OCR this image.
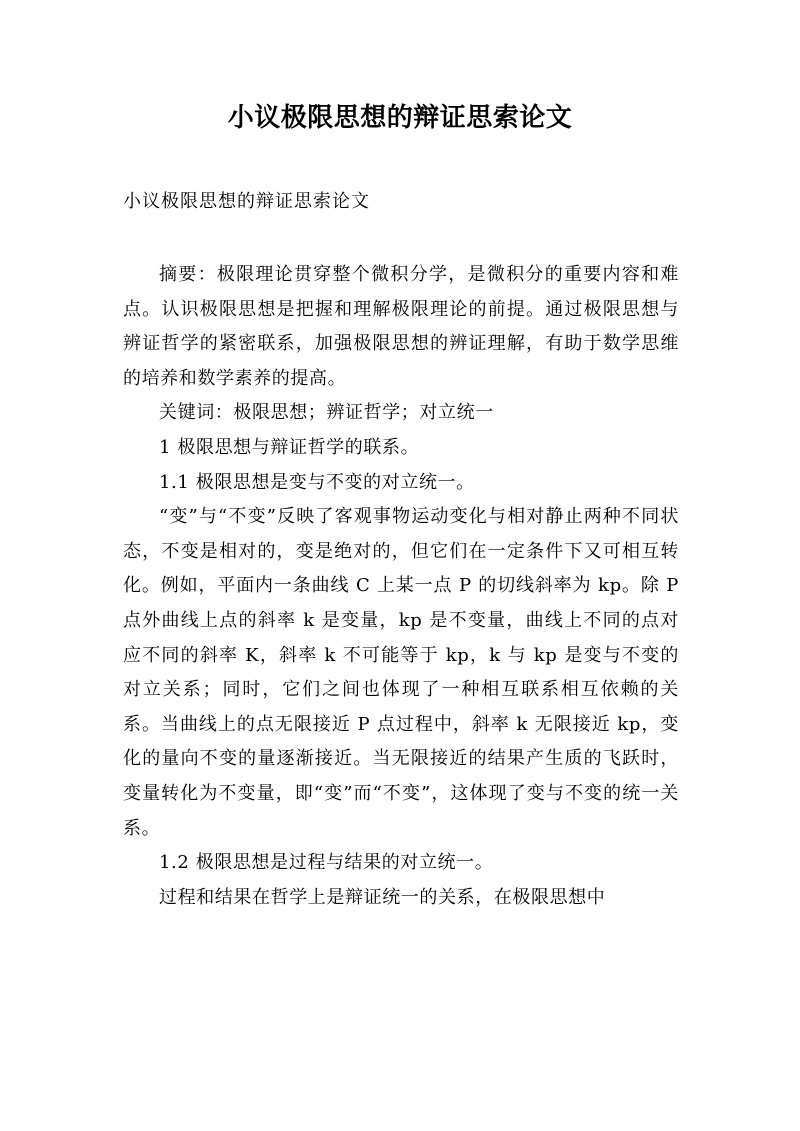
小议极限思想的辩证思索论文
小议极限思想的辩证思索论文

摘要：极限理论贯穿整个微积分学，是微积分的重要内容和难点。认识极限思想是把握和理解极限理论的前提。通过极限思想与辨证哲学的紧密联系，加强极限思想的辨证理解，有助于数学思维的培养和数学素养的提高。

关键词：极限思想；辨证哲学；对立统一

1 极限思想与辩证哲学的联系。

1.1 极限思想是变与不变的对立统一。

“变”与“不变”反映了客观事物运动变化与相对静止两种不同状态，不变是相对的，变是绝对的，但它们在一定条件下又可相互转化。例如，平面内一条曲线 C 上某一点 P 的切线斜率为 kp。除 P 点外曲线上点的斜率 k 是变量，kp 是不变量，曲线上不同的点对应不同的斜率 K，斜率 k 不可能等于 kp，k 与 kp 是变与不变的对立关系；同时，它们之间也体现了一种相互联系相互依赖的关系。当曲线上的点无限接近 P 点过程中，斜率 k 无限接近 kp，变化的量向不变的量逐渐接近。当无限接近的结果产生质的飞跃时，变量转化为不变量，即“变”而“不变”，这体现了变与不变的统一关系。

1.2 极限思想是过程与结果的对立统一。

过程和结果在哲学上是辩证统一的关系，在极限思想中
